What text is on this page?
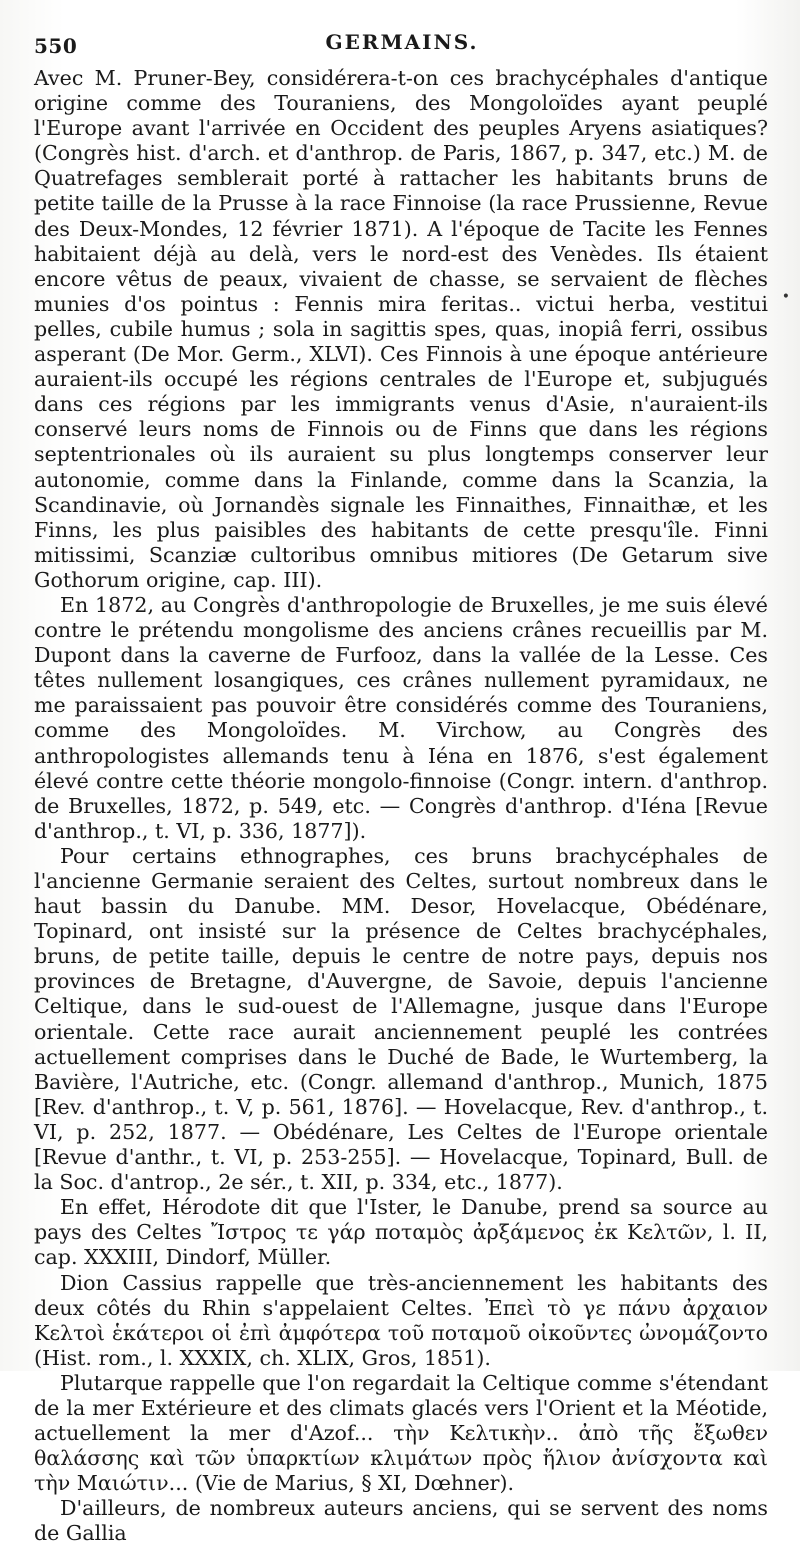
550	GERMAINS.

Avec M. Pruner-Bey, considérera-t-on ces brachycéphales d'antique origine comme des Touraniens, des Mongoloïdes ayant peuplé l'Europe avant l'arrivée en Occident des peuples Aryens asiatiques? (Congrès hist. d'arch. et d'anthrop. de Paris, 1867, p. 347, etc.) M. de Quatrefages semblerait porté à rattacher les habitants bruns de petite taille de la Prusse à la race Finnoise (la race Prussienne, Revue des Deux-Mondes, 12 février 1871). A l'époque de Tacite les Fennes habitaient déjà au delà, vers le nord-est des Venèdes. Ils étaient encore vêtus de peaux, vivaient de chasse, se servaient de flèches munies d'os pointus : Fennis mira feritas.. victui herba, vestitui pelles, cubile humus ; sola in sagittis spes, quas, inopiâ ferri, ossibus asperant (De Mor. Germ., XLVI). Ces Finnois à une époque antérieure auraient-ils occupé les régions centrales de l'Europe et, subjugués dans ces régions par les immigrants venus d'Asie, n'auraient-ils conservé leurs noms de Finnois ou de Finns que dans les régions septentrionales où ils auraient su plus longtemps conserver leur autonomie, comme dans la Finlande, comme dans la Scanzia, la Scandinavie, où Jornandès signale les Finnaithes, Finnaithæ, et les Finns, les plus paisibles des habitants de cette presqu'île. Finni mitissimi, Scanziæ cultoribus omnibus mitiores (De Getarum sive Gothorum origine, cap. III).

En 1872, au Congrès d'anthropologie de Bruxelles, je me suis élevé contre le prétendu mongolisme des anciens crânes recueillis par M. Dupont dans la caverne de Furfooz, dans la vallée de la Lesse. Ces têtes nullement losangiques, ces crânes nullement pyramidaux, ne me paraissaient pas pouvoir être considérés comme des Touraniens, comme des Mongoloïdes. M. Virchow, au Congrès des anthropologistes allemands tenu à Iéna en 1876, s'est également élevé contre cette théorie mongolo-finnoise (Congr. intern. d'anthrop. de Bruxelles, 1872, p. 549, etc. — Congrès d'anthrop. d'Iéna [Revue d'anthrop., t. VI, p. 336, 1877]).

Pour certains ethnographes, ces bruns brachycéphales de l'ancienne Germanie seraient des Celtes, surtout nombreux dans le haut bassin du Danube. MM. Desor, Hovelacque, Obédénare, Topinard, ont insisté sur la présence de Celtes brachycéphales, bruns, de petite taille, depuis le centre de notre pays, depuis nos provinces de Bretagne, d'Auvergne, de Savoie, depuis l'ancienne Celtique, dans le sud-ouest de l'Allemagne, jusque dans l'Europe orientale. Cette race aurait anciennement peuplé les contrées actuellement comprises dans le Duché de Bade, le Wurtemberg, la Bavière, l'Autriche, etc. (Congr. allemand d'anthrop., Munich, 1875 [Rev. d'anthrop., t. V, p. 561, 1876]. — Hovelacque, Rev. d'anthrop., t. VI, p. 252, 1877. — Obédénare, Les Celtes de l'Europe orientale [Revue d'anthr., t. VI, p. 253-255]. — Hovelacque, Topinard, Bull. de la Soc. d'antrop., 2e sér., t. XII, p. 334, etc., 1877).

En effet, Hérodote dit que l'Ister, le Danube, prend sa source au pays des Celtes Ἴστρος τε γάρ ποταμὸς ἀρξάμενος ἐκ Κελτῶν, l. II, cap. XXXIII, Dindorf, Müller.

Dion Cassius rappelle que très-anciennement les habitants des deux côtés du Rhin s'appelaient Celtes. Ἐπεὶ τὸ γε πάνυ ἀρχαιον Κελτοὶ ἑκάτεροι οἱ ἐπὶ ἀμφότερα τοῦ ποταμοῦ οἰκοῦντες ὠνομάζοντο (Hist. rom., l. XXXIX, ch. XLIX, Gros, 1851).

Plutarque rappelle que l'on regardait la Celtique comme s'étendant de la mer Extérieure et des climats glacés vers l'Orient et la Méotide, actuellement la mer d'Azof... τὴν Κελτικὴν.. ἀπὸ τῆς ἔξωθεν θαλάσσης καὶ τῶν ὑπαρκτίων κλιμάτων πρὸς ἥλιον ἀνίσχοντα καὶ τὴν Μαιώτιν... (Vie de Marius, § XI, Dœhner).

D'ailleurs, de nombreux auteurs anciens, qui se servent des noms de Gallia

•
